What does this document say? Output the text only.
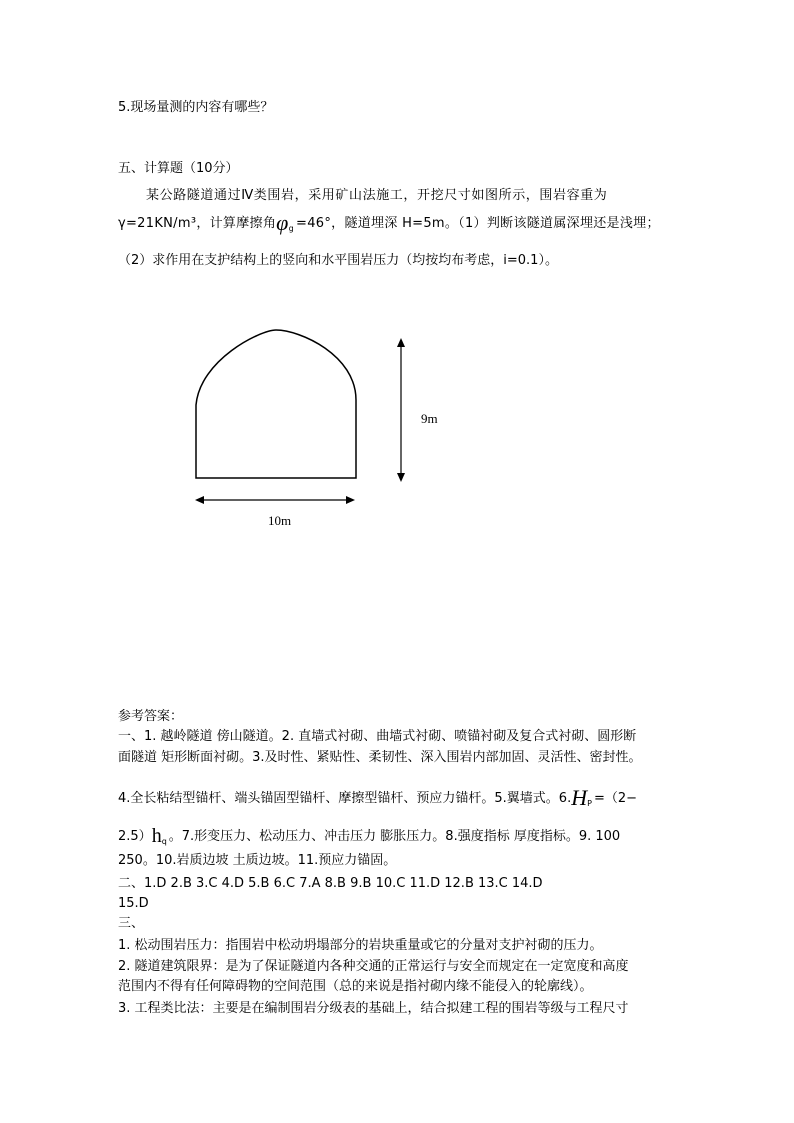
5.现场量测的内容有哪些？
五、计算题（10分）
某公路隧道通过Ⅳ类围岩，采用矿山法施工，开挖尺寸如图所示，围岩容重为
γ=21KN/m³，计算摩擦角$\varphi_g =46^\circ$，隧道埋深 H=5m。（1）判断该隧道属深埋还是浅埋；
（2）求作用在支护结构上的竖向和水平围岩压力（均按均布考虑，i=0.1）。
9m
10m
参考答案：
一、1. 越岭隧道 傍山隧道。2. 直墙式衬砌、曲墙式衬砌、喷锚衬砌及复合式衬砌、圆形断
面隧道 矩形断面衬砌。3.及时性、紧贴性、柔韧性、深入围岩内部加固、灵活性、密封性。
4.全长粘结型锚杆、端头锚固型锚杆、摩擦型锚杆、预应力锚杆。5.翼墙式。$6.H_P =(2-$
$2.5)h_q$ 。7.形变压力、松动压力、冲击压力 膨胀压力。8.强度指标 厚度指标。9. 100
250。10.岩质边坡 土质边坡。11.预应力锚固。
二、1.D 2.B 3.C 4.D 5.B 6.C 7.A 8.B 9.B 10.C 11.D 12.B 13.C 14.D
15.D
三、
1. 松动围岩压力：指围岩中松动坍塌部分的岩块重量或它的分量对支护衬砌的压力。
2. 隧道建筑限界：是为了保证隧道内各种交通的正常运行与安全而规定在一定宽度和高度
范围内不得有任何障碍物的空间范围（总的来说是指衬砌内缘不能侵入的轮廓线）。
3. 工程类比法：主要是在编制围岩分级表的基础上，结合拟建工程的围岩等级与工程尺寸
